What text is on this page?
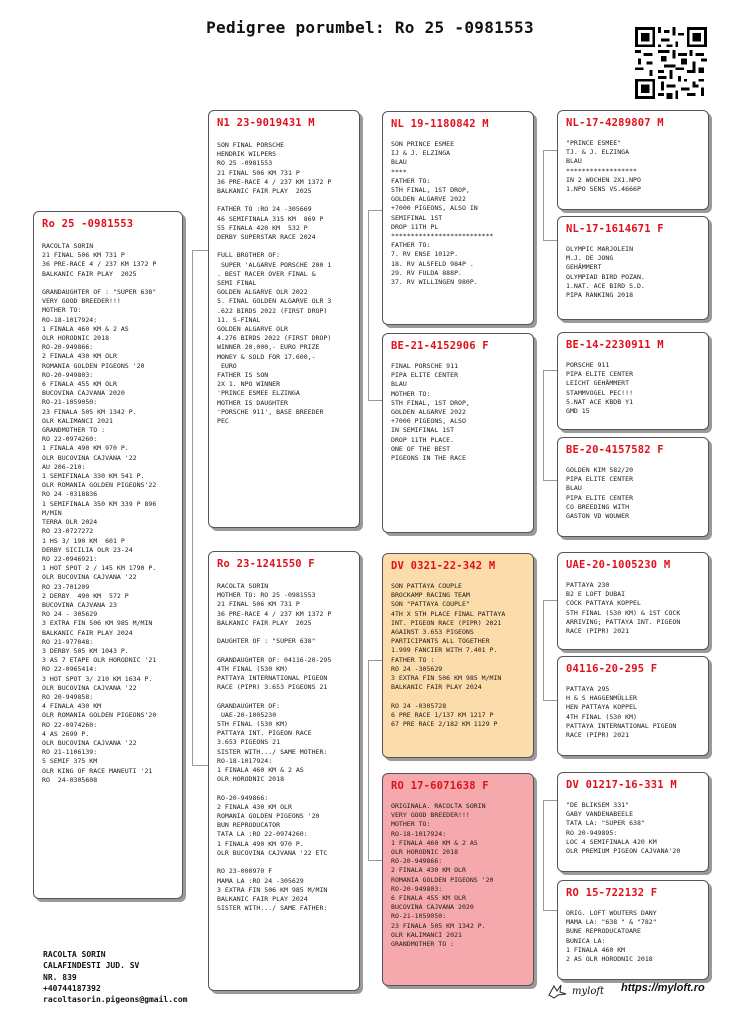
Pedigree porumbel: Ro 25 -0981553
Ro 25 -0981553
RACOLTA SORIN
21 FINAL 506 KM 731 P
36 PRE-RACE 4 / 237 KM 1372 P
BALKANIC FAIR PLAY  2025

GRANDAUGHTER OF : "SUPER 638"
VERY GOOD BREEDER!!!
MOTHER TO:
RO-18-1017924:
1 FINALA 460 KM & 2 AS
OLR HORODNIC 2018
RO-20-949866:
2 FINALA 430 KM OLR
ROMANIA GOLDEN PIGEONS '20
RO-20-949803:
6 FINALA 455 KM OLR
BUCOVINA CAJVANA 2020
RO-21-1059050:
23 FINALA 505 KM 1342 P.
OLR KALIMANCI 2021
GRANDMOTHER TO :
RO 22-0974260:
1 FINALA 490 KM 970 P.
OLR BUCOVINA CAJVANA '22
AU 206-210:
1 SEMIFINALA 330 KM 541 P.
OLR ROMANIA GOLDEN PIGEONS'22
RO 24 -0318836
1 SEMIFINALA 350 KM 339 P 896
M/MIN
TERRA OLR 2024
RO 23-0727272
1 HS 3/ 190 KM  601 P
DERBY SICILIA OLR 23-24
RO 22-0946921:
1 HOT SPOT 2 / 145 KM 1790 P.
OLR BUCOVINA CAJVANA '22
RO 23-701209
2 DERBY  490 KM  572 P
BUCOVINA CAJVANA 23
RO 24 - 305629
3 EXTRA FIN 506 KM 985 M/MIN
BALKANIC FAIR PLAY 2024
RO 21-977048:
3 DERBY 505 KM 1043 P.
3 AS 7 ETAPE OLR HORODNIC '21
RO 22-0965414:
3 HOT SPOT 3/ 210 KM 1634 P.
OLR BUCOVINA CAJVANA '22
RO 20-949858:
4 FINALA 430 KM
OLR ROMANIA GOLDEN PIGEONS'20
RO 22-0974260:
4 AS 2699 P.
OLR BUCOVINA CAJVANA '22
RO 21-1106139:
5 SEMIF 375 KM
OLR KING OF RACE MANEUTI '21
RO  24-0305608
N1 23-9019431 M
SON FINAL PORSCHE
HENDRIK WILPERS
RO 25 -0981553
21 FINAL 506 KM 731 P
36 PRE-RACE 4 / 237 KM 1372 P
BALKANIC FAIR PLAY  2025

FATHER TO :RO 24 -305669
46 SEMIFINALA 315 KM  869 P
55 FINALA 420 KM  532 P
DERBY SUPERSTAR RACE 2024

FULL BROTHER OF:
SUPER 'ALGARVE PORSCHE 200 1
. BEST RACER OVER FINAL &
SEMI FINAL
GOLDEN ALGARVE OLR 2022
5. FINAL GOLDEN ALGARVE OLR 3
.622 BIRDS 2022 (FIRST DROP)
11. S-FINAL
GOLDEN ALGARVE OLR
4.276 BIRDS 2022 (FIRST DROP)
WINNER 20.000,- EURO PRIZE
MONEY & SOLD FOR 17.600,-
EURO
FATHER IS SON
2X 1. NPO WINNER
'PRINCE ESMEE ELZINGA
MOTHER IS DAUGHTER
'PORSCHE 911', BASE BREEDER
PEC
Ro 23-1241550 F
RACOLTA SORIN
MOTHER TO: RO 25 -0981553
21 FINAL 506 KM 731 P
36 PRE-RACE 4 / 237 KM 1372 P
BALKANIC FAIR PLAY  2025

DAUGHTER OF : "SUPER 638"

GRANDAUGHTER OF: 04116-20-295
4TH FINAL (530 KM)
PATTAYA INTERNATIONAL PIGEON
RACE (PIPR) 3.653 PIGEONS 21

GRANDAUGHTER OF:
UAE-20-1005230
5TH FINAL (530 KM)
PATTAYA INT. PIGEON RACE
3.653 PIGEONS 21
SISTER WITH.../ SAME MOTHER:
RO-18-1017924:
1 FINALA 460 KM & 2 AS
OLR HORODNIC 2018

RO-20-949866:
2 FINALA 430 KM OLR
ROMANIA GOLDEN PIGEONS '20
BUN REPRODUCATOR
TATA LA :RO 22-0974260:
1 FINALA 490 KM 970 P.
OLR BUCOVINA CAJVANA '22 ETC

RO 23-000970 F
MAMA LA :RO 24 -305629
3 EXTRA FIN 506 KM 985 M/MIN
BALKANIC FAIR PLAY 2024
SISTER WITH.../ SAME FATHER:
NL 19-1180842 M
SON PRINCE ESMEE
IJ & J. ELZINGA
BLAU
****
FATHER TO:
5TH FINAL, 1ST DROP,
GOLDEN ALGARVE 2022
+7000 PIGEONS, ALSO IN
SEMIFINAL 1ST
DROP 11TH PL
**************************
FATHER TO:
7. RV ENSE 1012P.
18. RV ALSFELD 984P .
29. RV FULDA 888P.
37. RV WILLINGEN 980P.
BE-21-4152906 F
FINAL PORSCHE 911
PIPA ELITE CENTER
BLAU
MOTHER TO:
5TH FINAL, 1ST DROP,
GOLDEN ALGARVE 2022
+7000 PIGEONS, ALSO
IN SEMIFINAL 1ST
DROP 11TH PLACE.
ONE OF THE BEST
PIGEONS IN THE RACE
DV 0321-22-342 M
SON PATTAYA COUPLE
BROCKAMP RACING TEAM
SON "PATTAYA COUPLE"
4TH X 5TH PLACE FINAL PATTAYA
INT. PIGEON RACE (PIPR) 2021
AGAINST 3.653 PIGEONS
PARTICIPANTS ALL TOGETHER
1.999 FANCIER WITH 7.401 P.
FATHER TO :
RO 24 -305629
3 EXTRA FIN 506 KM 985 M/MIN
BALKANIC FAIR PLAY 2024

RO 24 -0305728
6 PRE RACE 1/137 KM 1217 P
67 PRE RACE 2/182 KM 1129 P
RO 17-6071638 F
ORIGINALA. RACOLTA SORIN
VERY GOOD BREEDER!!!
MOTHER TO:
RO-18-1017924:
1 FINALA 460 KM & 2 AS
OLR HORODNIC 2018
RO-20-949866:
2 FINALA 430 KM OLR
ROMANIA GOLDEN PIGEONS '20
RO-20-949803:
6 FINALA 455 KM OLR
BUCOVINA CAJVANA 2020
RO-21-1059050:
23 FINALA 505 KM 1342 P.
OLR KALIMANCI 2021
GRANDMOTHER TO :
NL-17-4289807 M
"PRINCE ESMEE"
TJ. & J. ELZINGA
BLAU
******************
IN 2 WOCHEN 2X1.NPO
1.NPO SENS VS.4666P
NL-17-1614671 F
OLYMPIC MARJOLEIN
M.J. DE JONG
GEHÄMMERT
OLYMPIAD BIRD POZAN.
1.NAT. ACE BIRD S.D.
PIPA RANKING 2018
BE-14-2230911 M
PORSCHE 911
PIPA ELITE CENTER
LEICHT GEHÄMMERT
STAMMVOGEL PEC!!!
5.NAT ACE KBDB Y1
GMD 15
BE-20-4157582 F
GOLDEN KIM 582/20
PIPA ELITE CENTER
BLAU
PIPA ELITE CENTER
CO BREEDING WITH
GASTON VD WOUWER
UAE-20-1005230 M
PATTAYA 230
B2 E LOFT DUBAI
COCK PATTAYA KOPPEL
5TH FINAL (530 KM) & 1ST COCK
ARRIVING; PATTAYA INT. PIGEON
RACE (PIPR) 2021
04116-20-295 F
PATTAYA 295
H & S HAGGENMÜLLER
HEN PATTAYA KOPPEL
4TH FINAL (530 KM)
PATTAYA INTERNATIONAL PIGEON
RACE (PIPR) 2021
DV 01217-16-331 M
"DE BLIKSEM 331"
GABY VANDENABEELE
TATA LA: "SUPER 638"
RO 20-949895:
LOC 4 SEMIFINALA 420 KM
OLR PREMIUM PIGEON CAJVANA'20
RO 15-722132 F
ORIG. LOFT WOUTERS DANY
MAMA LA: "638 " & "782"
BUNE REPRODUCATOARE
BUNICA LA:
1 FINALA 460 KM
2 AS OLR HORODNIC 2018
RACOLTA SORIN
CALAFINDESTI JUD. SV
NR. 839
+40744187392
racoltasorin.pigeons@gmail.com
myloft https://myloft.ro
